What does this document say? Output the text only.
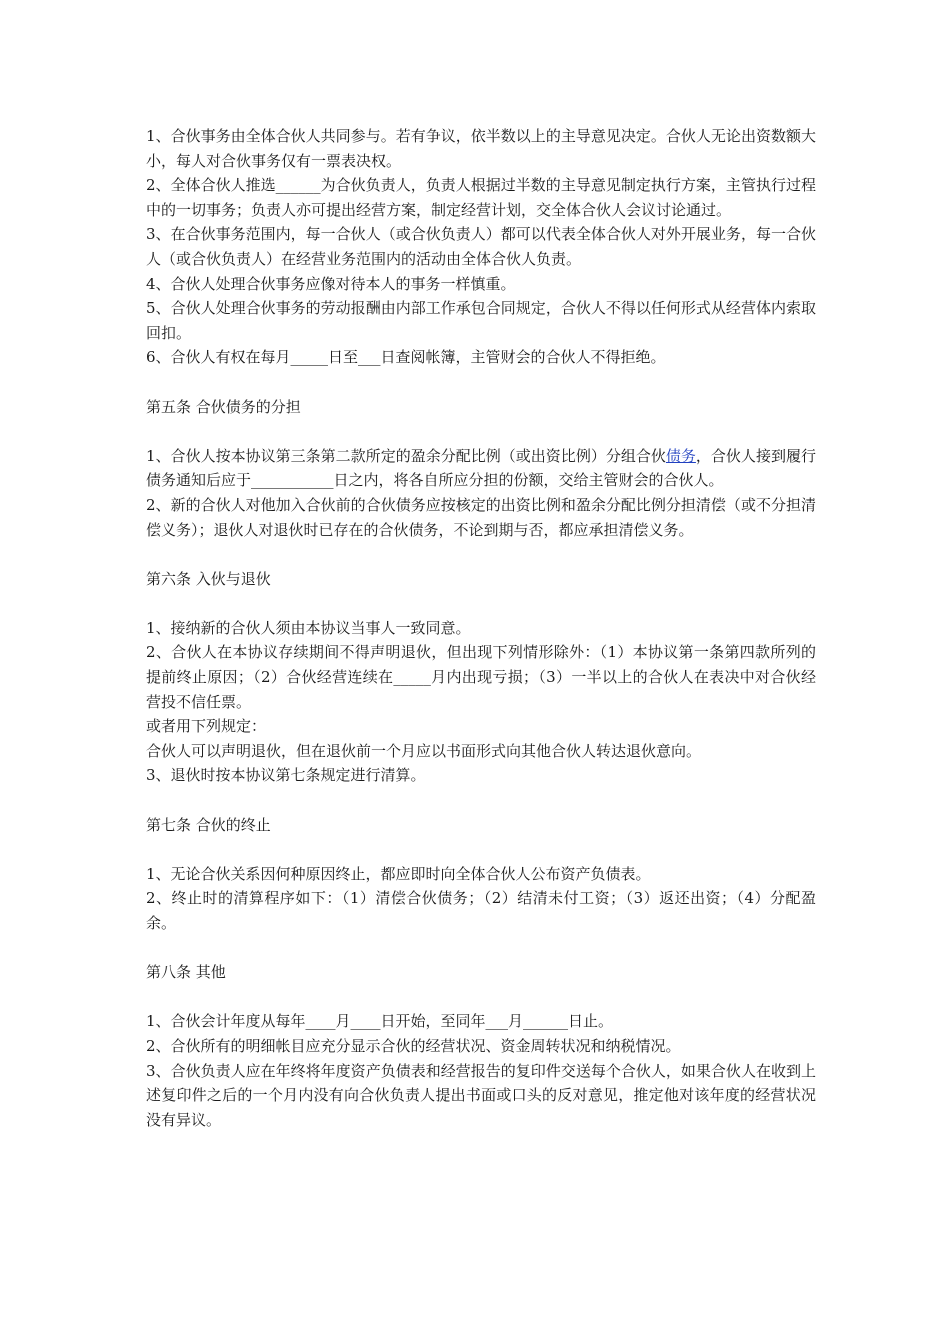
1、合伙事务由全体合伙人共同参与。若有争议，依半数以上的主导意见决定。合伙人无论出资数额大小，每人对合伙事务仅有一票表决权。

2、全体合伙人推选______为合伙负责人，负责人根据过半数的主导意见制定执行方案，主管执行过程中的一切事务；负责人亦可提出经营方案，制定经营计划，交全体合伙人会议讨论通过。

3、在合伙事务范围内，每一合伙人（或合伙负责人）都可以代表全体合伙人对外开展业务，每一合伙人（或合伙负责人）在经营业务范围内的活动由全体合伙人负责。

4、合伙人处理合伙事务应像对待本人的事务一样慎重。

5、合伙人处理合伙事务的劳动报酬由内部工作承包合同规定，合伙人不得以任何形式从经营体内索取回扣。

6、合伙人有权在每月_____日至___日查阅帐簿，主管财会的合伙人不得拒绝。

第五条 合伙债务的分担

1、合伙人按本协议第三条第二款所定的盈余分配比例（或出资比例）分组合伙债务，合伙人接到履行债务通知后应于___________日之内，将各自所应分担的份额，交给主管财会的合伙人。

2、新的合伙人对他加入合伙前的合伙债务应按核定的出资比例和盈余分配比例分担清偿（或不分担清偿义务）；退伙人对退伙时已存在的合伙债务，不论到期与否，都应承担清偿义务。

第六条 入伙与退伙

1、接纳新的合伙人须由本协议当事人一致同意。

2、合伙人在本协议存续期间不得声明退伙，但出现下列情形除外：（1）本协议第一条第四款所列的提前终止原因；（2）合伙经营连续在_____月内出现亏损；（3）一半以上的合伙人在表决中对合伙经营投不信任票。

或者用下列规定：

合伙人可以声明退伙，但在退伙前一个月应以书面形式向其他合伙人转达退伙意向。

3、退伙时按本协议第七条规定进行清算。

第七条 合伙的终止

1、无论合伙关系因何种原因终止，都应即时向全体合伙人公布资产负债表。

2、终止时的清算程序如下：（1）清偿合伙债务；（2）结清未付工资；（3）返还出资；（4）分配盈余。

第八条 其他

1、合伙会计年度从每年____月____日开始，至同年___月______日止。

2、合伙所有的明细帐目应充分显示合伙的经营状况、资金周转状况和纳税情况。

3、合伙负责人应在年终将年度资产负债表和经营报告的复印件交送每个合伙人，如果合伙人在收到上述复印件之后的一个月内没有向合伙负责人提出书面或口头的反对意见，推定他对该年度的经营状况没有异议。
